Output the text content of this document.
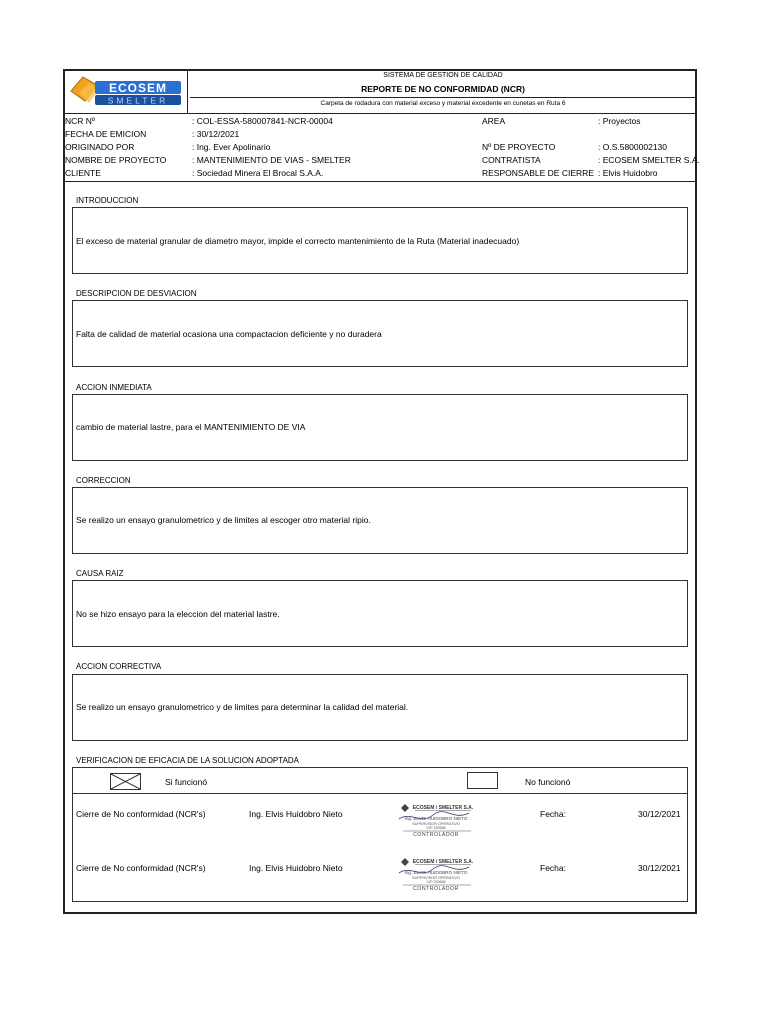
ECOSEM
SMELTER
SISTEMA DE GESTION DE CALIDAD
REPORTE DE NO CONFORMIDAD (NCR)
Carpeta de rodadura con material exceso y material excedente en cunetas en Ruta 6
NCR Nº	: COL-ESSA-580007841-NCR-00004
FECHA DE EMICION	: 30/12/2021
ORIGINADO POR	: Ing. Ever Apolinario
NOMBRE DE PROYECTO	: MANTENIMIENTO DE VIAS - SMELTER
CLIENTE	: Sociedad Minera El Brocal S.A.A.
AREA	: Proyectos
Nº DE PROYECTO	: O.S.5800002130
CONTRATISTA	: ECOSEM SMELTER S.A.
RESPONSABLE DE CIERRE : Elvis Huidobro
INTRODUCCION
El exceso de material granular de diametro mayor, impide el correcto mantenimiento de la Ruta (Material inadecuado)
DESCRIPCION DE DESVIACION
Falta de calidad de material ocasiona una compactacion deficiente y no duradera
ACCION INMEDIATA
cambio de material lastre, para el MANTENIMIENTO DE VIA
CORRECCION
Se realizo un ensayo granulometrico y de limites al escoger otro material ripio.
CAUSA RAIZ
No se hizo ensayo para la eleccion del material lastre.
ACCION CORRECTIVA
Se realizo un ensayo granulometrico y de limites para determinar la calidad del material.
VERIFICACION DE EFICACIA DE LA SOLUCION ADOPTADA
Si funcionó	No funcionó
Cierre de No conformidad (NCR's)	Ing. Elvis Huidobro Nieto	Fecha:	30/12/2021
ECOSEM / SMELTER S.A.
Ing. ELVIS HUIDOBRO NIETO
SUPERVISOR OPERATIVO
CIP 220658
CONTROLADOR
Cierre de No conformidad (NCR's)	Ing. Elvis Huidobro Nieto	Fecha:	30/12/2021
ECOSEM / SMELTER S.A.
Ing. ELVIS HUIDOBRO NIETO
SUPERVISOR OPERATIVO
CIP 220658
CONTROLADOR
